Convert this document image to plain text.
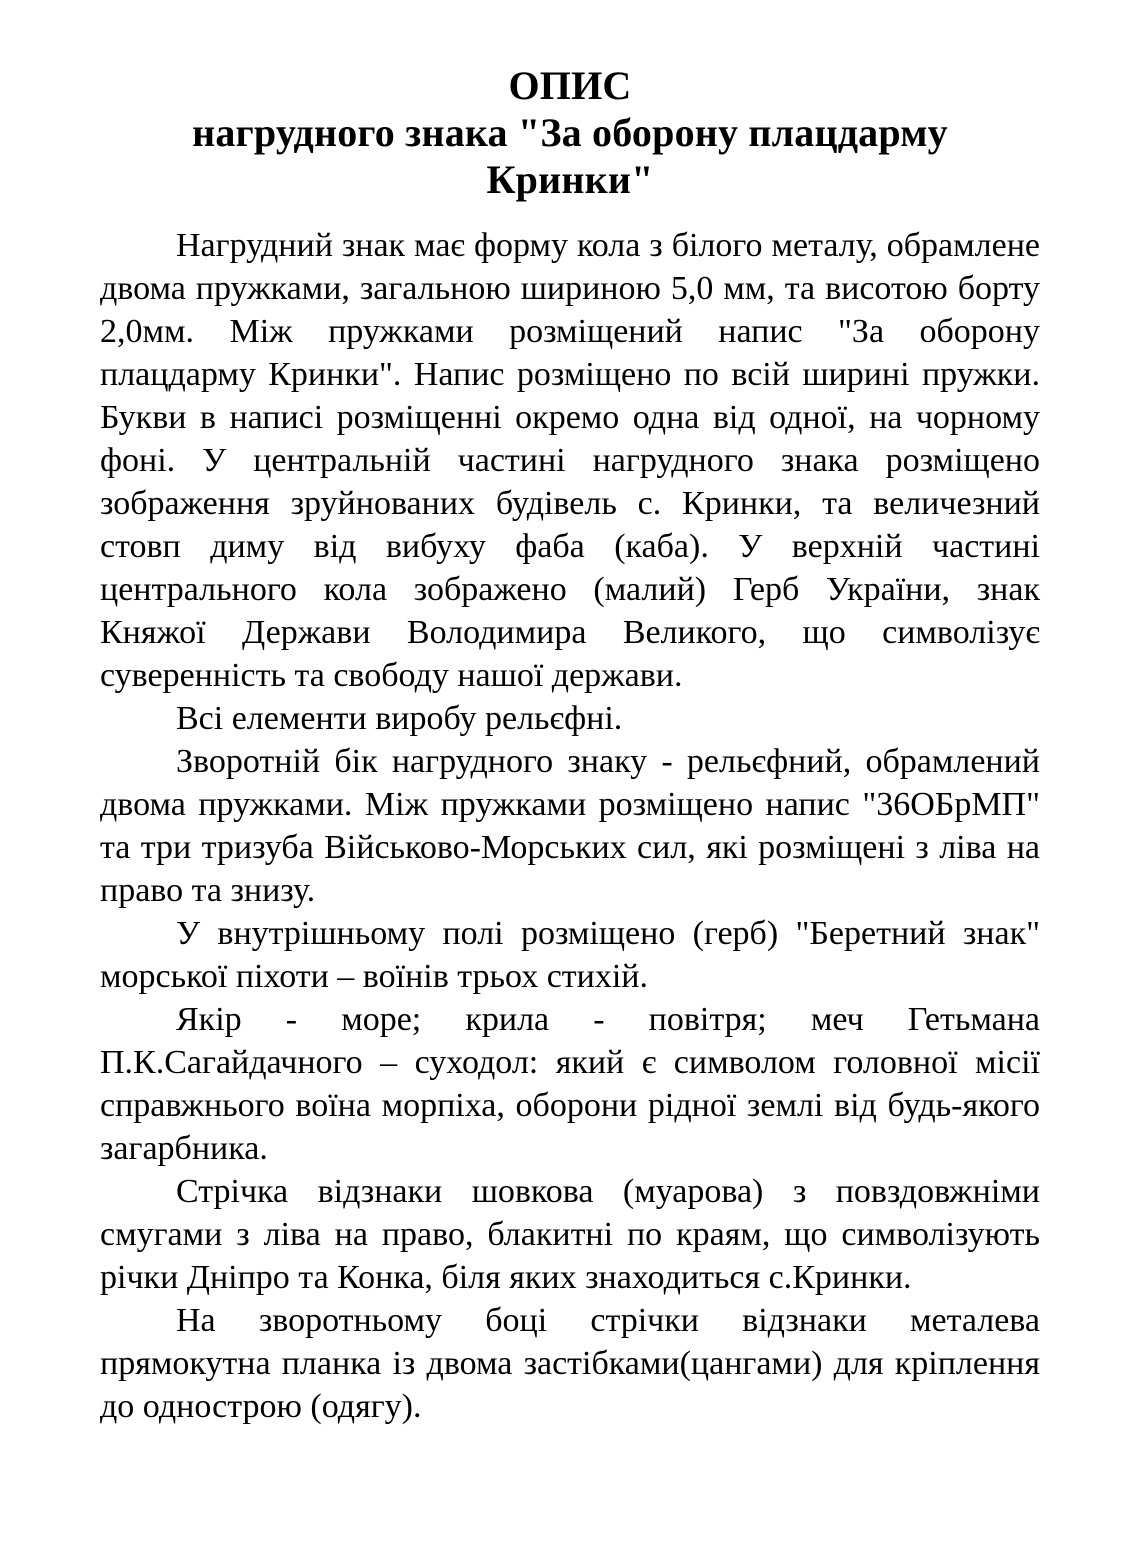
ОПИС
нагрудного знака "За оборону плацдарму
Кринки"

Нагрудний знак має форму кола з білого металу, обрамлене двома пружками, загальною шириною 5,0 мм, та висотою борту 2,0мм. Між пружками розміщений напис "За оборону плацдарму Кринки". Напис розміщено по всій ширині пружки. Букви в написі розміщенні окремо одна від одної, на чорному фоні. У центральній частині нагрудного знака розміщено зображення зруйнованих будівель с. Кринки, та величезний стовп диму від вибуху фаба (каба). У верхній частині центрального кола зображено (малий) Герб України, знак Княжої Держави Володимира Великого, що символізує суверенність та свободу нашої держави.

Всі елементи виробу рельєфні.

Зворотній бік нагрудного знаку - рельєфний, обрамлений двома пружками. Між пружками розміщено напис "36ОБрМП" та три тризуба Військово-Морських сил, які розміщені з ліва на право та знизу.

У внутрішньому полі розміщено (герб) "Беретний знак" морської піхоти – воїнів трьох стихій.

Якір - море; крила - повітря; меч Гетьмана П.К.Сагайдачного – суходол: який є символом головної місії справжнього воїна морпіха, оборони рідної землі від будь-якого загарбника.

Стрічка відзнаки шовкова (муарова) з повздовжніми смугами з ліва на право, блакитні по краям, що символізують річки Дніпро та Конка, біля яких знаходиться с.Кринки.

На зворотньому боці стрічки відзнаки металева прямокутна планка із двома застібками(цангами) для кріплення до однострою (одягу).
